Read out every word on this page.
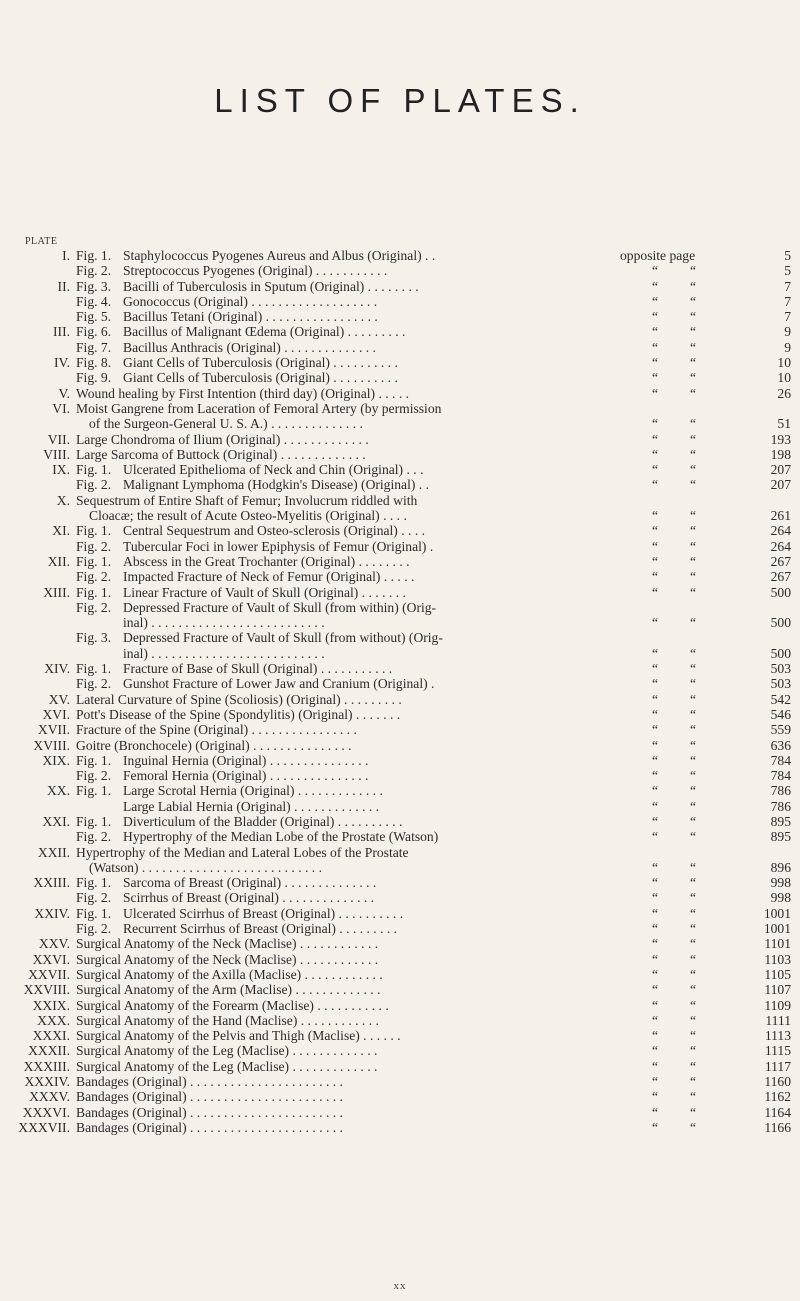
LIST OF PLATES.
PLATE
I. Fig. 1. Staphylococcus Pyogenes Aureus and Albus (Original) . .	opposite page	5
Fig. 2. Streptococcus Pyogenes (Original) . . . . . . . . . . .	“ “	5
II. Fig. 3. Bacilli of Tuberculosis in Sputum (Original) . . . . . . . .	“ “	7
Fig. 4. Gonococcus (Original) . . . . . . . . . . . . . . . . . . .	“ “	7
Fig. 5. Bacillus Tetani (Original) . . . . . . . . . . . . . . . . .	“ “	7
III. Fig. 6. Bacillus of Malignant Œdema (Original) . . . . . . . . .	“ “	9
Fig. 7. Bacillus Anthracis (Original) . . . . . . . . . . . . . .	“ “	9
IV. Fig. 8. Giant Cells of Tuberculosis (Original) . . . . . . . . . .	“ “	10
Fig. 9. Giant Cells of Tuberculosis (Original) . . . . . . . . . .	“ “	10
V. Wound healing by First Intention (third day) (Original) . . . . .	“ “	26
VI. Moist Gangrene from Laceration of Femoral Artery (by permission
of the Surgeon-General U. S. A.) . . . . . . . . . . . . . .	“ “	51
VII. Large Chondroma of Ilium (Original) . . . . . . . . . . . . .	“ “	193
VIII. Large Sarcoma of Buttock (Original) . . . . . . . . . . . . .	“ “	198
IX. Fig. 1. Ulcerated Epithelioma of Neck and Chin (Original) . . .	“ “	207
Fig. 2. Malignant Lymphoma (Hodgkin's Disease) (Original) . .	“ “	207
X. Sequestrum of Entire Shaft of Femur; Involucrum riddled with
Cloacæ; the result of Acute Osteo-Myelitis (Original) . . . .	“ “	261
XI. Fig. 1. Central Sequestrum and Osteo-sclerosis (Original) . . . .	“ “	264
Fig. 2. Tubercular Foci in lower Epiphysis of Femur (Original) .	“ “	264
XII. Fig. 1. Abscess in the Great Trochanter (Original) . . . . . . . .	“ “	267
Fig. 2. Impacted Fracture of Neck of Femur (Original) . . . . .	“ “	267
XIII. Fig. 1. Linear Fracture of Vault of Skull (Original) . . . . . . .	“ “	500
Fig. 2. Depressed Fracture of Vault of Skull (from within) (Orig-
inal) . . . . . . . . . . . . . . . . . . . . . . . . . .	“ “	500
Fig. 3. Depressed Fracture of Vault of Skull (from without) (Orig-
inal) . . . . . . . . . . . . . . . . . . . . . . . . . .	“ “	500
XIV. Fig. 1. Fracture of Base of Skull (Original) . . . . . . . . . . .	“ “	503
Fig. 2. Gunshot Fracture of Lower Jaw and Cranium (Original) .	“ “	503
XV. Lateral Curvature of Spine (Scoliosis) (Original) . . . . . . . . .	“ “	542
XVI. Pott's Disease of the Spine (Spondylitis) (Original) . . . . . . .	“ “	546
XVII. Fracture of the Spine (Original) . . . . . . . . . . . . . . . .	“ “	559
XVIII. Goitre (Bronchocele) (Original) . . . . . . . . . . . . . . .	“ “	636
XIX. Fig. 1. Inguinal Hernia (Original) . . . . . . . . . . . . . . .	“ “	784
Fig. 2. Femoral Hernia (Original) . . . . . . . . . . . . . . .	“ “	784
XX. Fig. 1. Large Scrotal Hernia (Original) . . . . . . . . . . . . .	“ “	786
Large Labial Hernia (Original) . . . . . . . . . . . . .	“ “	786
XXI. Fig. 1. Diverticulum of the Bladder (Original) . . . . . . . . . .	“ “	895
Fig. 2. Hypertrophy of the Median Lobe of the Prostate (Watson)	“ “	895
XXII. Hypertrophy of the Median and Lateral Lobes of the Prostate
(Watson) . . . . . . . . . . . . . . . . . . . . . . . . . . .	“ “	896
XXIII. Fig. 1. Sarcoma of Breast (Original) . . . . . . . . . . . . . .	“ “	998
Fig. 2. Scirrhus of Breast (Original) . . . . . . . . . . . . . .	“ “	998
XXIV. Fig. 1. Ulcerated Scirrhus of Breast (Original) . . . . . . . . . .	“ “	1001
Fig. 2. Recurrent Scirrhus of Breast (Original) . . . . . . . . .	“ “	1001
XXV. Surgical Anatomy of the Neck (Maclise) . . . . . . . . . . . .	“ “	1101
XXVI. Surgical Anatomy of the Neck (Maclise) . . . . . . . . . . . .	“ “	1103
XXVII. Surgical Anatomy of the Axilla (Maclise) . . . . . . . . . . . .	“ “	1105
XXVIII. Surgical Anatomy of the Arm (Maclise) . . . . . . . . . . . . .	“ “	1107
XXIX. Surgical Anatomy of the Forearm (Maclise) . . . . . . . . . . .	“ “	1109
XXX. Surgical Anatomy of the Hand (Maclise) . . . . . . . . . . . .	“ “	1111
XXXI. Surgical Anatomy of the Pelvis and Thigh (Maclise) . . . . . .	“ “	1113
XXXII. Surgical Anatomy of the Leg (Maclise) . . . . . . . . . . . . .	“ “	1115
XXXIII. Surgical Anatomy of the Leg (Maclise) . . . . . . . . . . . . .	“ “	1117
XXXIV. Bandages (Original) . . . . . . . . . . . . . . . . . . . . . . .	“ “	1160
XXXV. Bandages (Original) . . . . . . . . . . . . . . . . . . . . . . .	“ “	1162
XXXVI. Bandages (Original) . . . . . . . . . . . . . . . . . . . . . . .	“ “	1164
XXXVII. Bandages (Original) . . . . . . . . . . . . . . . . . . . . . . .	“ “	1166
xx
